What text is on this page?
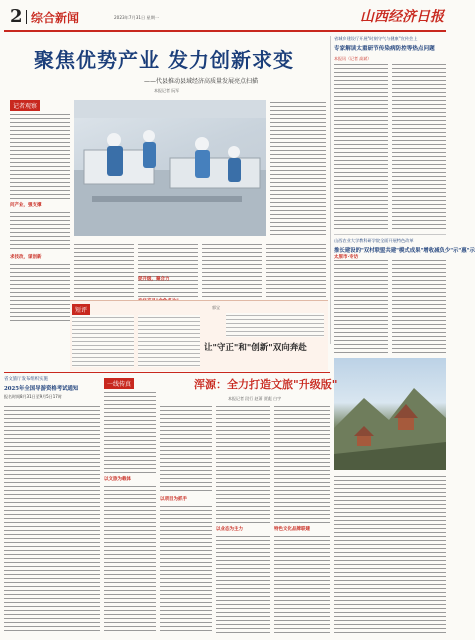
2 综合新闻	2023年7月31日 星期一	山西经济日报
聚焦优势产业 发力创新求变
——代县推动县域经济高质量发展亮点扫描
本报记者 阮军
记者观察
问产业，强支撑
求技改，谋创新
促升级，聚合力
短评
让"守正"和"创新"双向奔赴
郭宝
省城乡建设厅开展"时刻守气与健康"宣传会上
专家解读太重研节传染病防控等热点问题
本报讯（记者 高斌）
山西农业大学教科研学院全面开展特色改革
推长建设的"双村联盟共建"模式成果"增收减负少"示"惠"示
太原市·专访
省文旅厅发布组织实施
2025年全国导游资格考试通知
报名时间8月31日至9月5日17时
一线传真	浑源：全力打造文旅"升级版"
本报记者 段行 赵萧 贾彪 白宇
以文旅为载体
以项目为抓手
以业态为主力	特色文化品牌联建
